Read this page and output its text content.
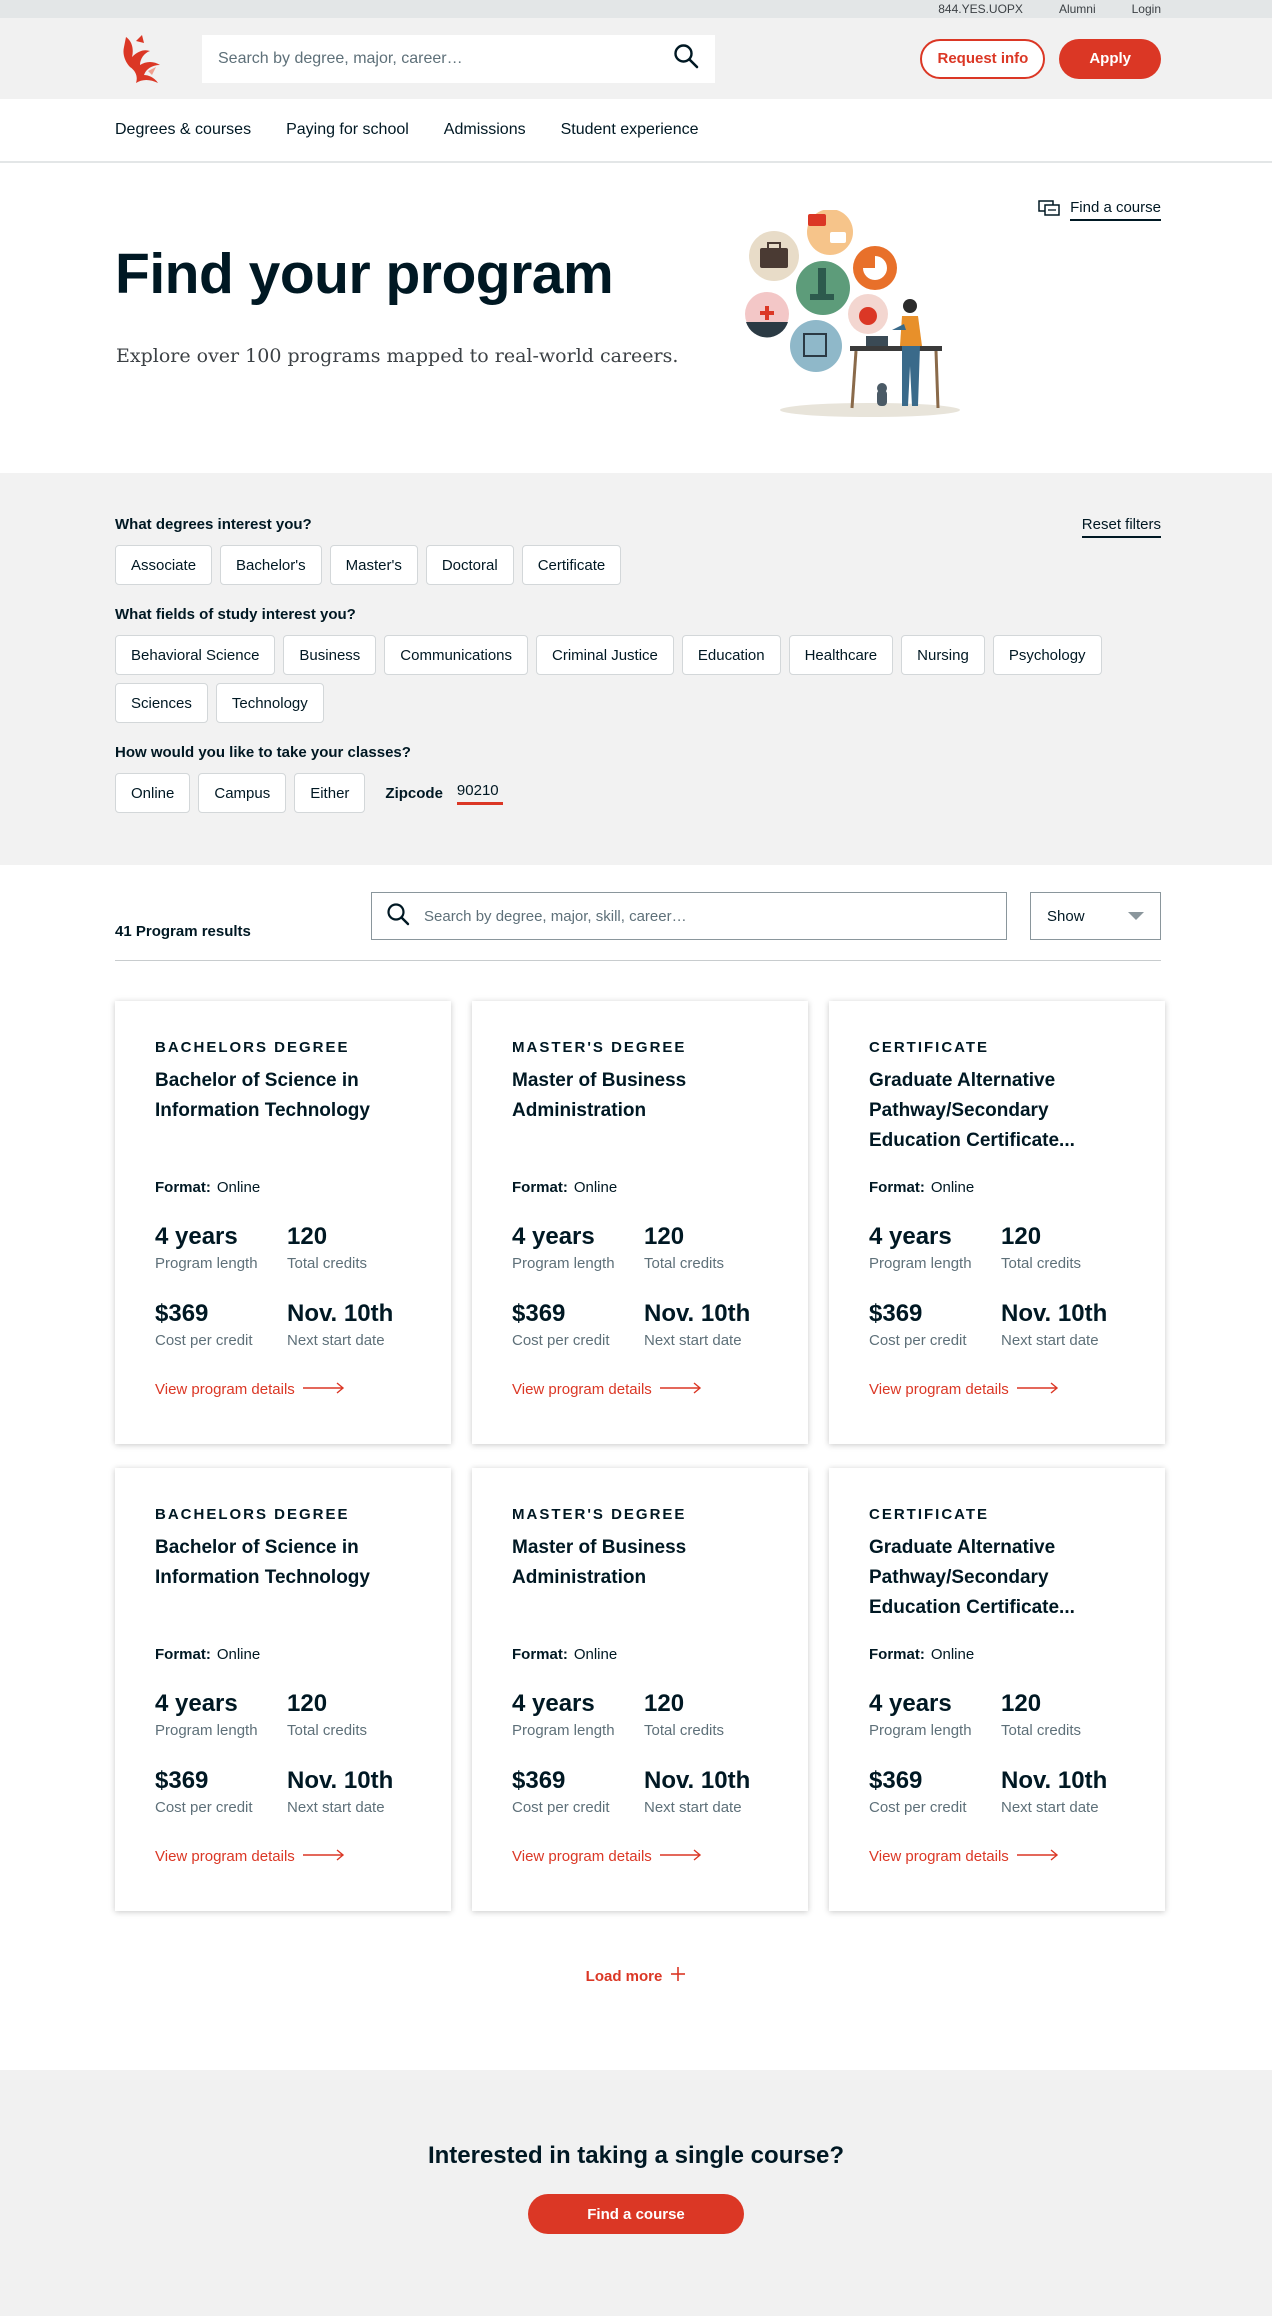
844.YES.UOPX	Alumni	Login
Search by degree, major, career…
Request info	Apply
Degrees & courses Paying for school Admissions Student experience
Find your program

Explore over 100 programs mapped to real-world careers.

Find a course
Reset filters
What degrees interest you?
Associate	Bachelor's	Master's	Doctoral	Certificate
What fields of study interest you?
Behavioral Science	Business	Communications	Criminal Justice	Education	Healthcare	Nursing	Psychology
Sciences	Technology
How would you like to take your classes?
Online	Campus	Either	Zipcode
90210
41 Program results
Search by degree, major, skill, career…
Show
BACHELORS DEGREE
Bachelor of Science in Information Technology
Format: Online
4 years
Program length
120
Total credits
$369
Cost per credit
Nov. 10th
Next start date
View program details
MASTER'S DEGREE
Master of Business Administration
Format: Online
4 years
Program length
120
Total credits
$369
Cost per credit
Nov. 10th
Next start date
View program details
CERTIFICATE
Graduate Alternative Pathway/Secondary Education Certificate...
Format: Online
4 years
Program length
120
Total credits
$369
Cost per credit
Nov. 10th
Next start date
View program details
BACHELORS DEGREE
Bachelor of Science in Information Technology
Format: Online
4 years
Program length
120
Total credits
$369
Cost per credit
Nov. 10th
Next start date
View program details
MASTER'S DEGREE
Master of Business Administration
Format: Online
4 years
Program length
120
Total credits
$369
Cost per credit
Nov. 10th
Next start date
View program details
CERTIFICATE
Graduate Alternative Pathway/Secondary Education Certificate...
Format: Online
4 years
Program length
120
Total credits
$369
Cost per credit
Nov. 10th
Next start date
View program details
Load more
Interested in taking a single course?
Find a course
